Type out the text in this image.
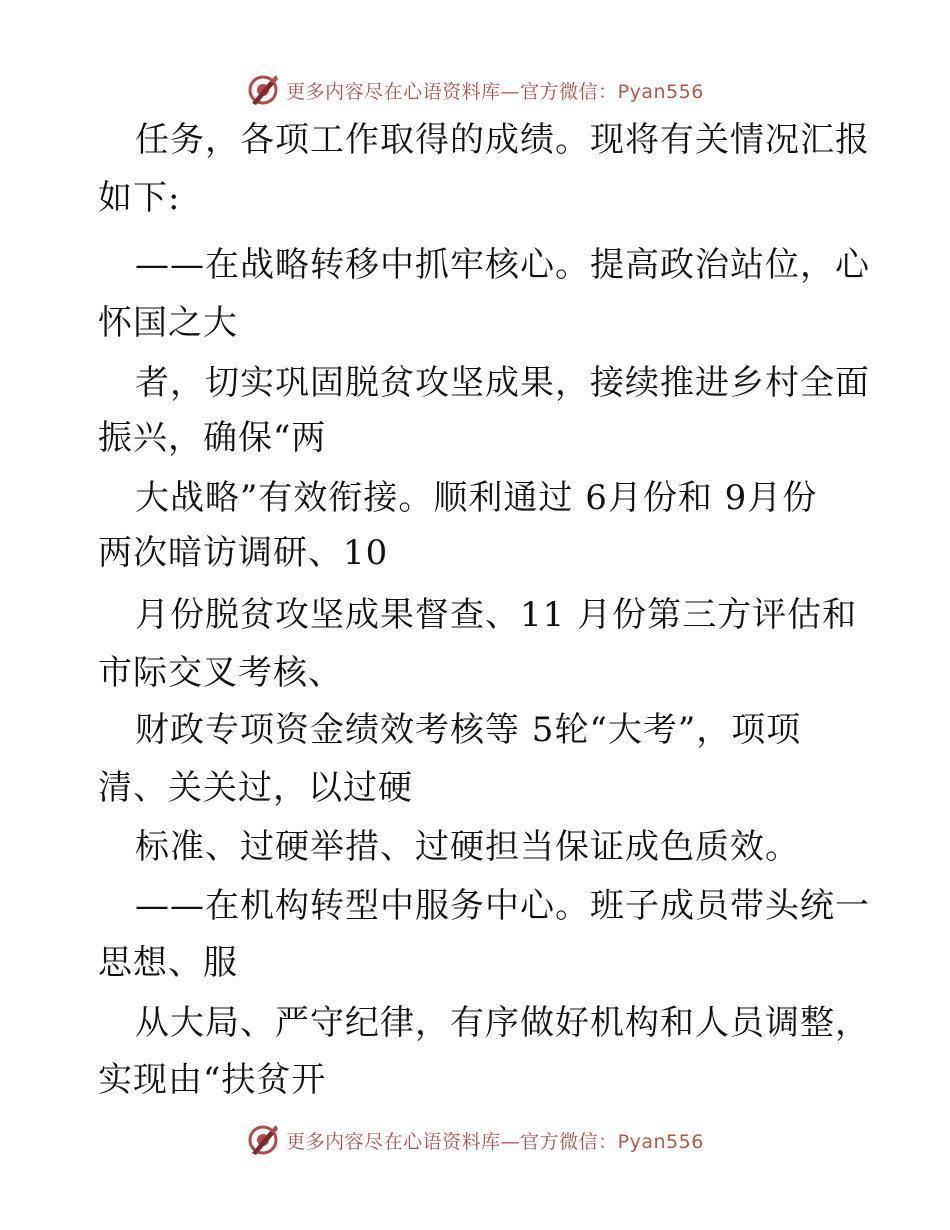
更多内容尽在心语资料库—官方微信：Pyan556
任务，各项工作取得的成绩。现将有关情况汇报
如下:
——在战略转移中抓牢核心。提高政治站位，心
怀国之大
者，切实巩固脱贫攻坚成果，接续推进乡村全面
振兴，确保“两
大战略”有效衔接。顺利通过 6月份和 9月份
两次暗访调研、10
月份脱贫攻坚成果督查、11 月份第三方评估和
市际交叉考核、
财政专项资金绩效考核等 5轮“大考”，项项
清、关关过，以过硬
标准、过硬举措、过硬担当保证成色质效。
——在机构转型中服务中心。班子成员带头统一
思想、服
从大局、严守纪律，有序做好机构和人员调整，
实现由“扶贫开
更多内容尽在心语资料库—官方微信：Pyan556
